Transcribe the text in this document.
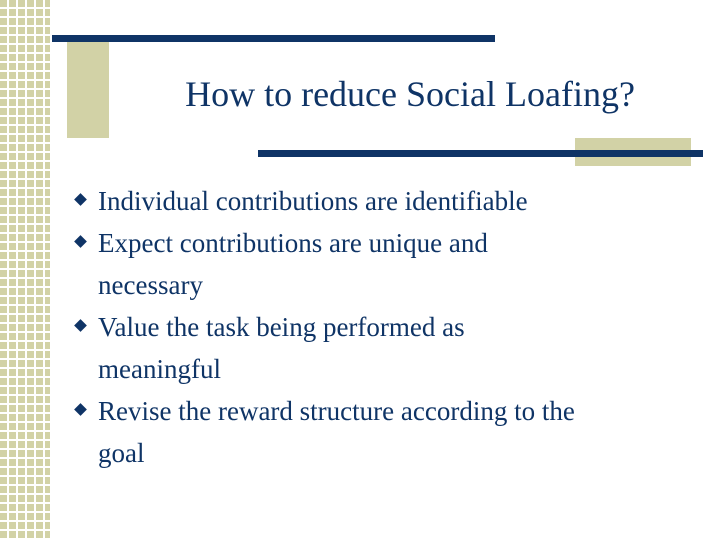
How to reduce Social Loafing?
Individual contributions are identifiable
Expect contributions are unique and
necessary
Value the task being performed as
meaningful
Revise the reward structure according to the
goal
